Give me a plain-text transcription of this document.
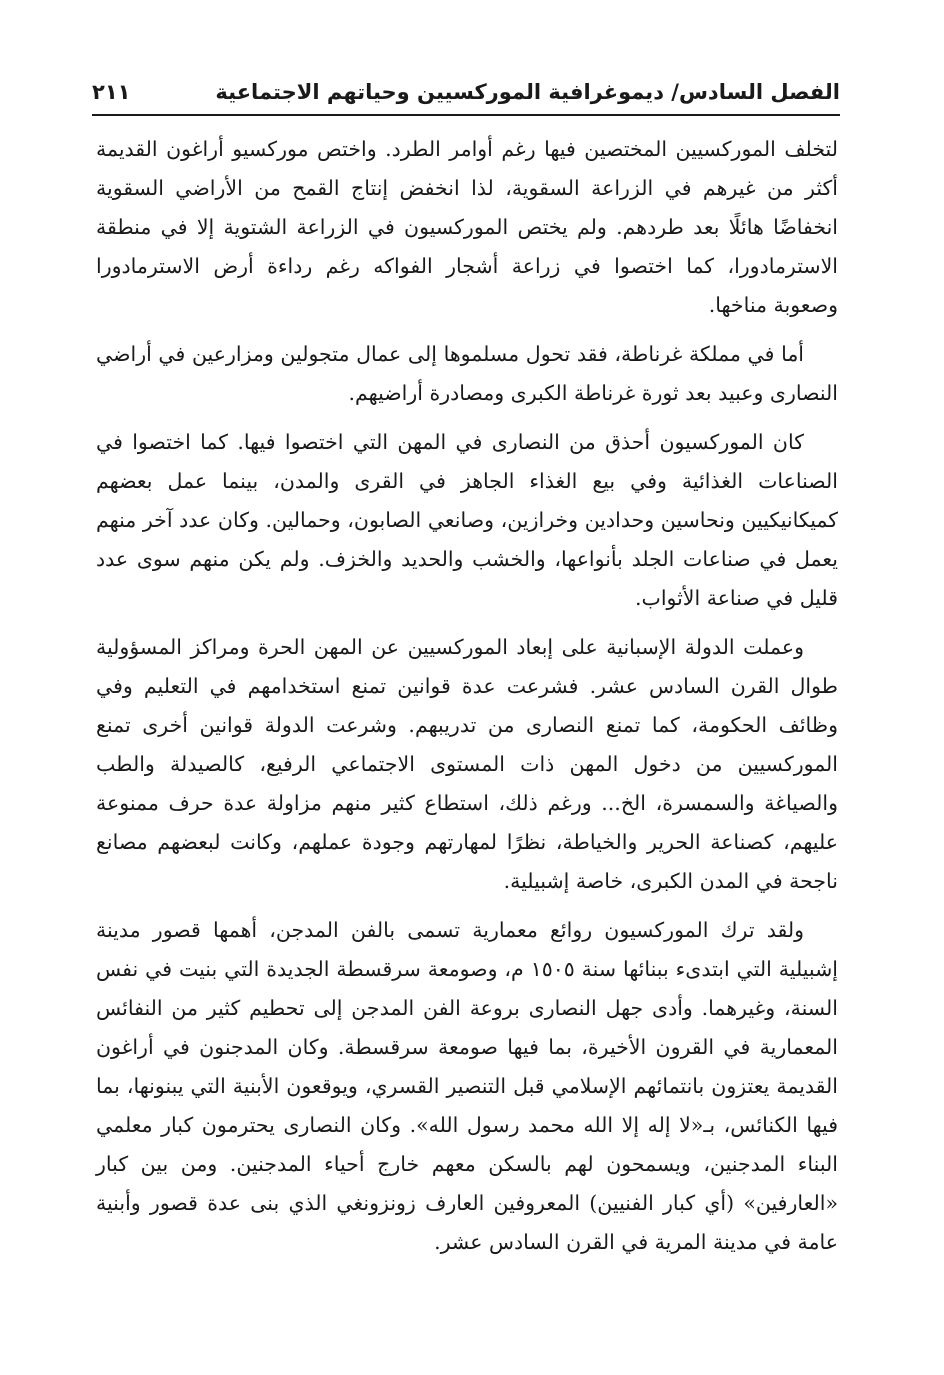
الفصل السادس/ ديموغرافية الموركسيين وحياتهم الاجتماعية
٢١١

لتخلف الموركسيين المختصين فيها رغم أوامر الطرد. واختص موركسيو أراغون القديمة أكثر من غيرهم في الزراعة السقوية، لذا انخفض إنتاج القمح من الأراضي السقوية انخفاضًا هائلًا بعد طردهم. ولم يختص الموركسيون في الزراعة الشتوية إلا في منطقة الاسترمادورا، كما اختصوا في زراعة أشجار الفواكه رغم رداءة أرض الاسترمادورا وصعوبة مناخها.

أما في مملكة غرناطة، فقد تحول مسلموها إلى عمال متجولين ومزارعين في أراضي النصارى وعبيد بعد ثورة غرناطة الكبرى ومصادرة أراضيهم.

كان الموركسيون أحذق من النصارى في المهن التي اختصوا فيها. كما اختصوا في الصناعات الغذائية وفي بيع الغذاء الجاهز في القرى والمدن، بينما عمل بعضهم كميكانيكيين ونحاسين وحدادين وخرازين، وصانعي الصابون، وحمالين. وكان عدد آخر منهم يعمل في صناعات الجلد بأنواعها، والخشب والحديد والخزف. ولم يكن منهم سوى عدد قليل في صناعة الأثواب.

وعملت الدولة الإسبانية على إبعاد الموركسيين عن المهن الحرة ومراكز المسؤولية طوال القرن السادس عشر. فشرعت عدة قوانين تمنع استخدامهم في التعليم وفي وظائف الحكومة، كما تمنع النصارى من تدريبهم. وشرعت الدولة قوانين أخرى تمنع الموركسيين من دخول المهن ذات المستوى الاجتماعي الرفيع، كالصيدلة والطب والصياغة والسمسرة، الخ... ورغم ذلك، استطاع كثير منهم مزاولة عدة حرف ممنوعة عليهم، كصناعة الحرير والخياطة، نظرًا لمهارتهم وجودة عملهم، وكانت لبعضهم مصانع ناجحة في المدن الكبرى، خاصة إشبيلية.

ولقد ترك الموركسيون روائع معمارية تسمى بالفن المدجن، أهمها قصور مدينة إشبيلية التي ابتدىء ببنائها سنة ١٥٠٥ م، وصومعة سرقسطة الجديدة التي بنيت في نفس السنة، وغيرهما. وأدى جهل النصارى بروعة الفن المدجن إلى تحطيم كثير من النفائس المعمارية في القرون الأخيرة، بما فيها صومعة سرقسطة. وكان المدجنون في أراغون القديمة يعتزون بانتمائهم الإسلامي قبل التنصير القسري، ويوقعون الأبنية التي يبنونها، بما فيها الكنائس، بـ«لا إله إلا الله محمد رسول الله». وكان النصارى يحترمون كبار معلمي البناء المدجنين، ويسمحون لهم بالسكن معهم خارج أحياء المدجنين. ومن بين كبار «العارفين» (أي كبار الفنيين) المعروفين العارف زونزونغي الذي بنى عدة قصور وأبنية عامة في مدينة المرية في القرن السادس عشر.
